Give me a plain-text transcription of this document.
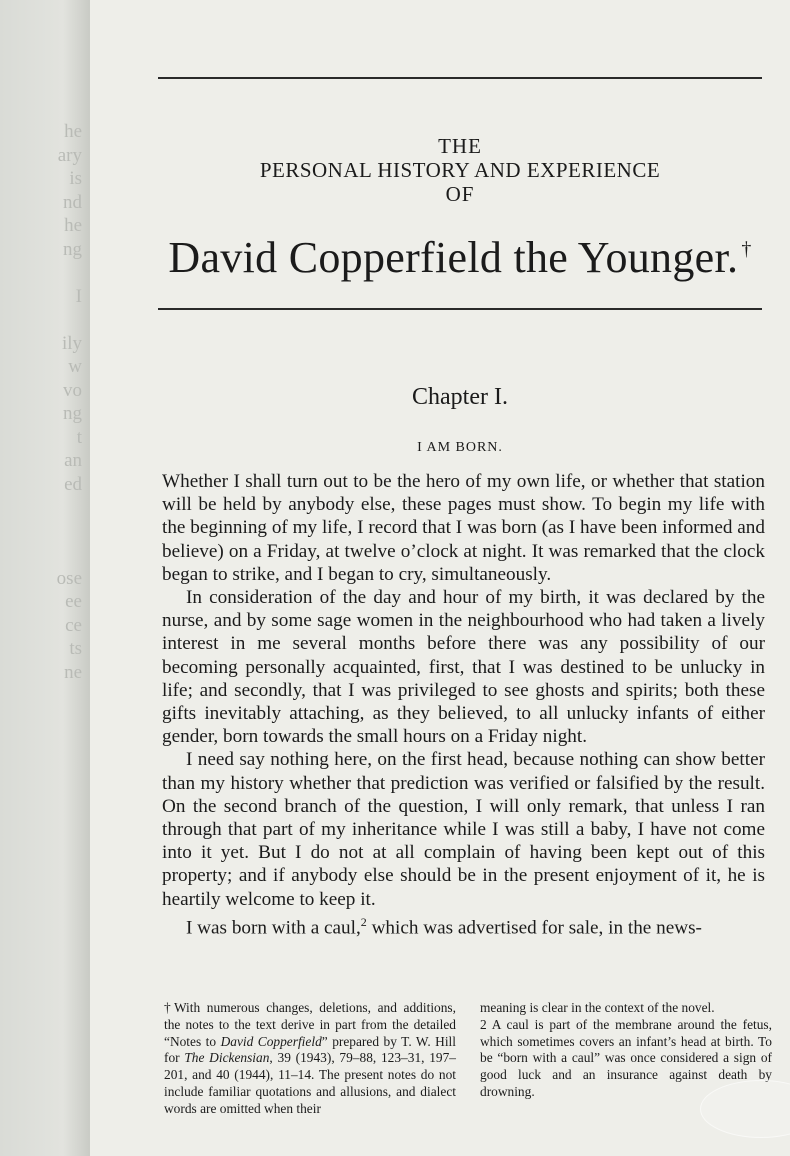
he
ary
is
nd
he
ng
I
ily
w
vo
ng
t
an
ed
ose
ee
ce
ts
ne
THE
PERSONAL HISTORY AND EXPERIENCE
OF
David Copperfield the Younger. †
Chapter I.
I AM BORN.

Whether I shall turn out to be the hero of my own life, or whether that station will be held by anybody else, these pages must show. To begin my life with the beginning of my life, I record that I was born (as I have been informed and believe) on a Friday, at twelve o’clock at night. It was remarked that the clock began to strike, and I began to cry, simultaneously.

In consideration of the day and hour of my birth, it was declared by the nurse, and by some sage women in the neighbourhood who had taken a lively interest in me several months before there was any possibility of our becoming personally acquainted, first, that I was destined to be unlucky in life; and secondly, that I was privileged to see ghosts and spirits; both these gifts inevitably attaching, as they believed, to all unlucky infants of either gender, born towards the small hours on a Friday night.

I need say nothing here, on the first head, because nothing can show better than my history whether that prediction was verified or falsified by the result. On the second branch of the question, I will only remark, that unless I ran through that part of my inheritance while I was still a baby, I have not come into it yet. But I do not at all complain of having been kept out of this property; and if anybody else should be in the present enjoyment of it, he is heartily welcome to keep it.

I was born with a caul,$^2$ which was advertised for sale, in the news-

†With numerous changes, deletions, and additions, the notes to the text derive in part from the detailed “Notes to David Copperfield” prepared by T. W. Hill for The Dickensian, 39 (1943), 79–88, 123–31, 197–201, and 40 (1944), 11–14. The present notes do not include familiar quotations and allusions, and dialect words are omitted when their
meaning is clear in the context of the novel.
2 A caul is part of the membrane around the fetus, which sometimes covers an infant’s head at birth. To be “born with a caul” was once considered a sign of good luck and an insurance against death by drowning.
